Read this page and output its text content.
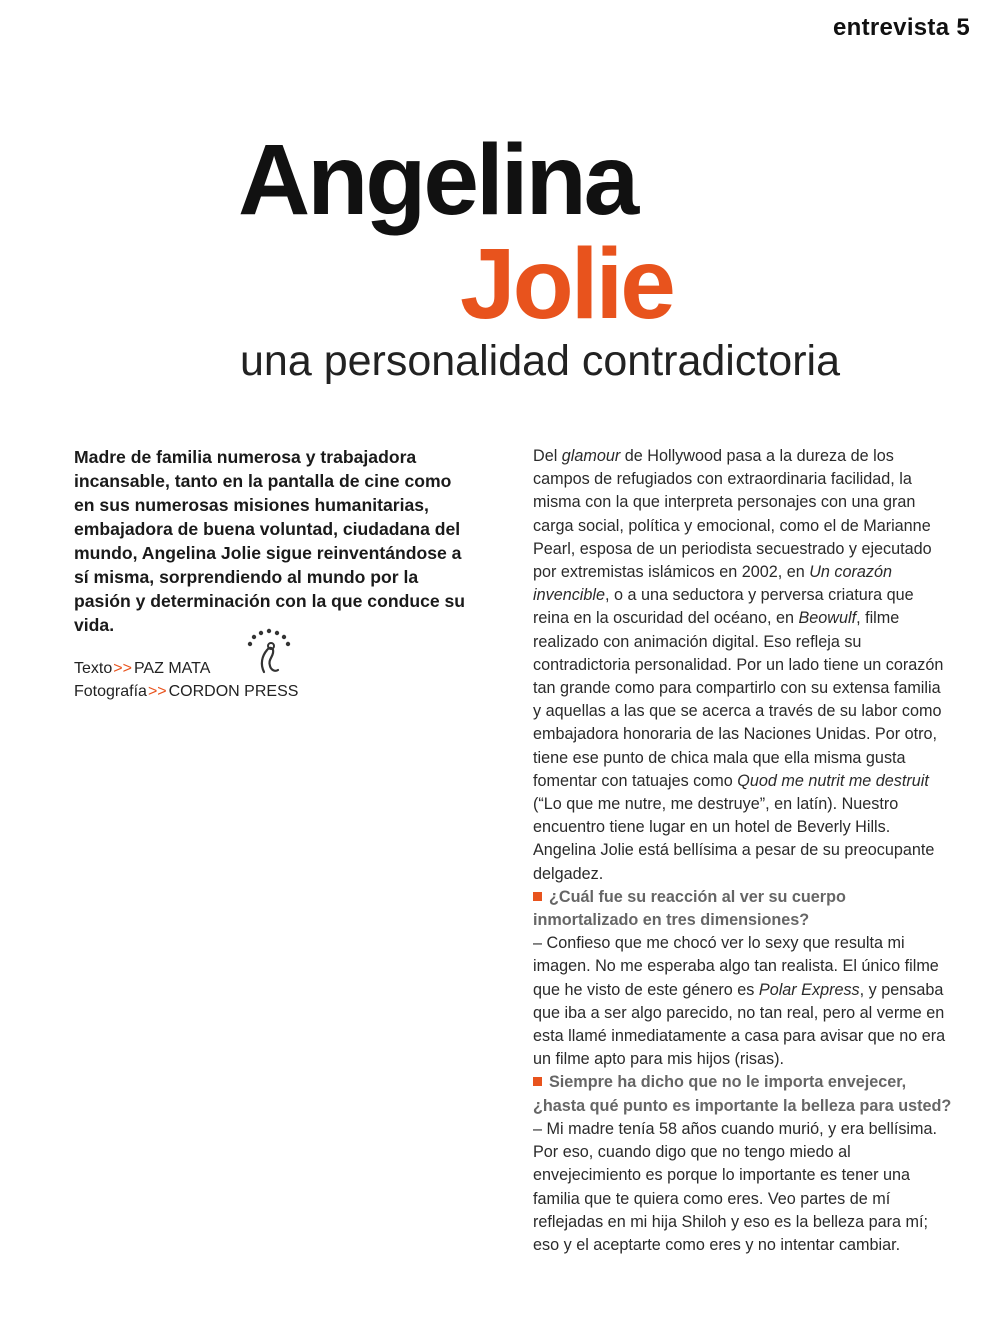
entrevista 5
Angelina
Jolie
una personalidad contradictoria
Madre de familia numerosa y trabajadora incansable, tanto en la pantalla de cine como en sus numerosas misiones humanitarias, embajadora de buena voluntad, ciudadana del mundo, Angelina Jolie sigue reinventándose a sí misma, sorprendiendo al mundo por la pasión y determinación con la que conduce su vida.
Texto>> PAZ MATA
Fotografía>> CORDON PRESS

Del glamour de Hollywood pasa a la dureza de los campos de refugiados con extraordinaria facilidad, la misma con la que interpreta personajes con una gran carga social, política y emocional, como el de Marianne Pearl, esposa de un periodista secuestrado y ejecutado por extremistas islámicos en 2002, en Un corazón invencible, o a una seductora y perversa criatura que reina en la oscuridad del océano, en Beowulf, filme realizado con animación digital. Eso refleja su contradictoria personalidad. Por un lado tiene un corazón tan grande como para compartirlo con su extensa familia y aquellas a las que se acerca a través de su labor como embajadora honoraria de las Naciones Unidas. Por otro, tiene ese punto de chica mala que ella misma gusta fomentar con tatuajes como Quod me nutrit me destruit (“Lo que me nutre, me destruye”, en latín). Nuestro encuentro tiene lugar en un hotel de Beverly Hills. Angelina Jolie está bellísima a pesar de su preocupante delgadez.

¿Cuál fue su reacción al ver su cuerpo inmortalizado en tres dimensiones?

– Confieso que me chocó ver lo sexy que resulta mi imagen. No me esperaba algo tan realista. El único filme que he visto de este género es Polar Express, y pensaba que iba a ser algo parecido, no tan real, pero al verme en esta llamé inmediatamente a casa para avisar que no era un filme apto para mis hijos (risas).

Siempre ha dicho que no le importa envejecer, ¿hasta qué punto es importante la belleza para usted?

– Mi madre tenía 58 años cuando murió, y era bellísima. Por eso, cuando digo que no tengo miedo al envejecimiento es porque lo importante es tener una familia que te quiera como eres. Veo partes de mí reflejadas en mi hija Shiloh y eso es la belleza para mí; eso y el aceptarte como eres y no intentar cambiar.
